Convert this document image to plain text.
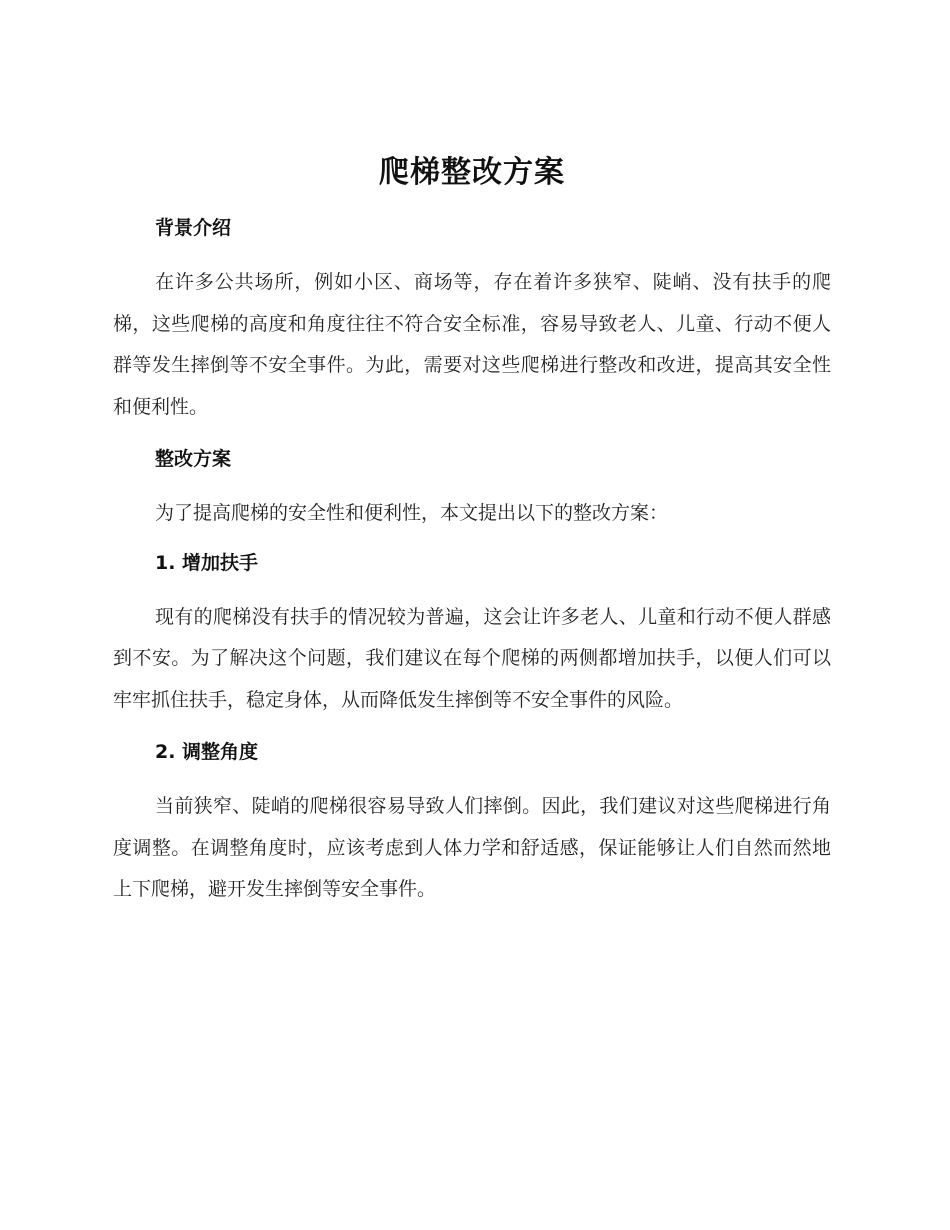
爬梯整改方案
背景介绍

在许多公共场所，例如小区、商场等，存在着许多狭窄、陡峭、没有扶手的爬梯，这些爬梯的高度和角度往往不符合安全标准，容易导致老人、儿童、行动不便人群等发生摔倒等不安全事件。为此，需要对这些爬梯进行整改和改进，提高其安全性和便利性。

整改方案

为了提高爬梯的安全性和便利性，本文提出以下的整改方案：

1. 增加扶手

现有的爬梯没有扶手的情况较为普遍，这会让许多老人、儿童和行动不便人群感到不安。为了解决这个问题，我们建议在每个爬梯的两侧都增加扶手，以便人们可以牢牢抓住扶手，稳定身体，从而降低发生摔倒等不安全事件的风险。

2. 调整角度

当前狭窄、陡峭的爬梯很容易导致人们摔倒。因此，我们建议对这些爬梯进行角度调整。在调整角度时，应该考虑到人体力学和舒适感，保证能够让人们自然而然地上下爬梯，避开发生摔倒等安全事件。
